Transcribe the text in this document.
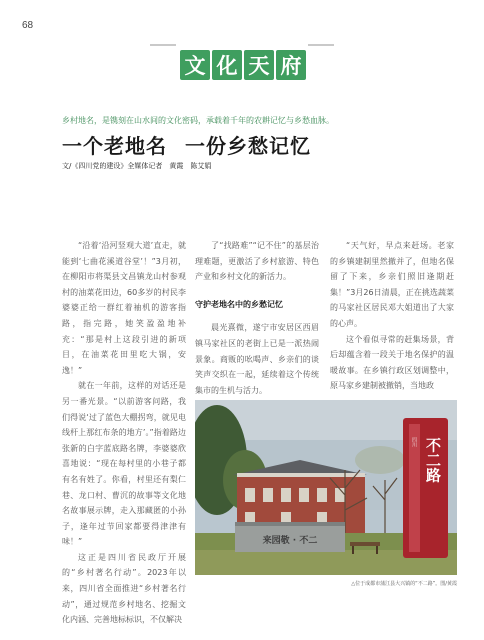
68
文 化 天 府
乡村地名，是镌刻在山水间的文化密码，承载着千年的农耕记忆与乡愁血脉。
一个老地名 一份乡愁记忆
文/《四川党的建设》全媒体记者　黄霞　陈艾娟

“沿着‘沿河竖观大道’直走，就能到‘七曲花溪道谷堂’！”3月初，在柳阳市将渠县文昌镇龙山村参观村的油菜花田边，60多岁的村民李婆婆正给一群红着袖机的游客指路，指完路，她笑盈盈地补充：“那是村上这段引进的新项目，在油菜花田里吃大锅，安逸！”

就在一年前，这样的对话还是另一番光景。“以前游客问路，我们得说‘过了蓝色大棚拐弯，就见电线杆上那红布条的地方’。”指着路边张新的白字蓝底路名牌，李婆婆欣喜地说：“现在每村里的小巷子都有名有姓了。你看，村里还有梨仁巷、龙口村、曹沉的故事等文化地名故事展示牌，走入那藏匿的小孙子，逢年过节回家都要得津津有味！”

这正是四川省民政厅开展的“乡村著名行动”。2023年以来，四川省全面推进“乡村著名行动”，通过规范乡村地名、挖掘文化内涵、完善地标标识，不仅解决

了“找路难”“记不住”的基层治理难题，更激活了乡村旅游、特色产业和乡村文化的新活力。

守护老地名中的乡愁记忆

晨光熹微，遂宁市安居区西眉镇马家社区的老街上已是一派热闹景象。商贩的吆喝声、乡亲们的谈笑声交织在一起，延续着这个传统集市的生机与活力。

“天气好，早点来赶场。老家的乡镇建制里然撤并了，但地名保留了下来，乡亲们照旧逢期赶集！”3月26日清晨，正在挑选蔬菜的马家社区居民邓大姐道出了大家的心声。

这个看似寻常的赶集场景，背后却蕴含着一段关于地名保护的温暖故事。在乡镇行政区划调整中，原马家乡建制被撤销，当地政

来园敬 · 不二
四川 不二路
△位于成都市蒲江县大兴镇的“不二路”。图/黄霞
